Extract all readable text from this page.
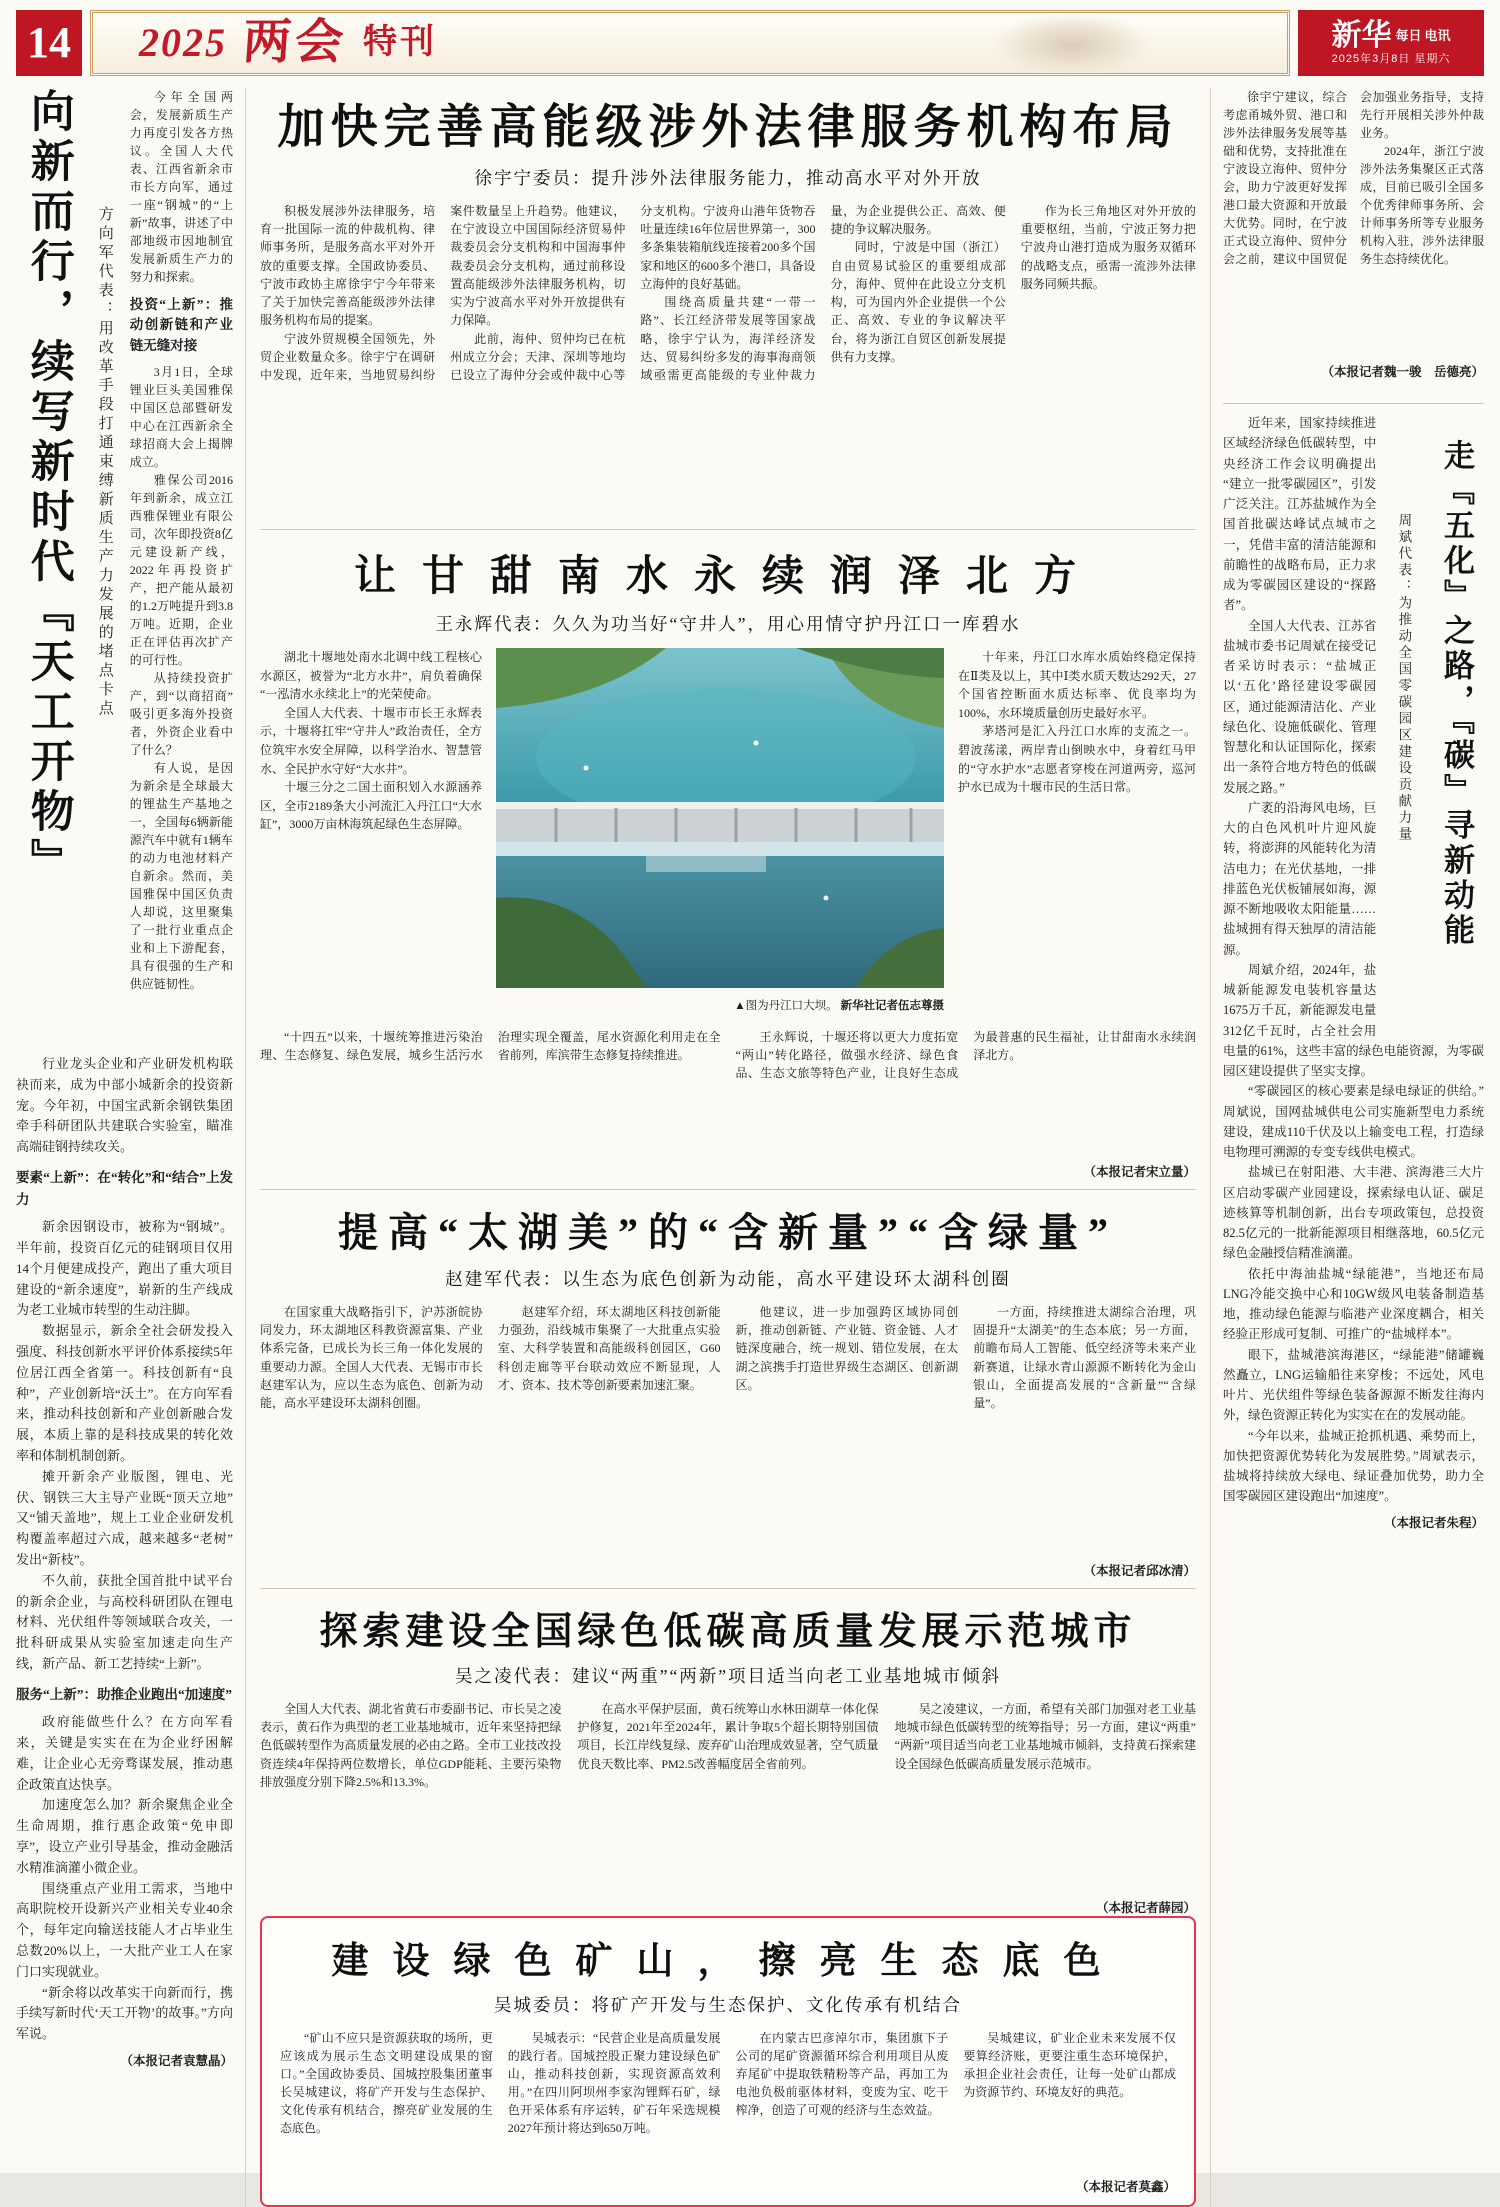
14 2025 两会 特刊	新华 每日 电讯
2025年3月8日 星期六
向新而行，续写新时代『天工开物』	方向军代表：用改革手段打通束缚新质生产力发展的堵点卡点

今年全国两会，发展新质生产力再度引发各方热议。全国人大代表、江西省新余市市长方向军，通过一座“钢城”的“上新”故事，讲述了中部地级市因地制宜发展新质生产力的努力和探索。

投资“上新”：推动创新链和产业链无缝对接

3月1日，全球锂业巨头美国雅保中国区总部暨研发中心在江西新余全球招商大会上揭牌成立。

雅保公司2016年到新余，成立江西雅保锂业有限公司，次年即投资8亿元建设新产线，2022年再投资扩产，把产能从最初的1.2万吨提升到3.8万吨。近期，企业正在评估再次扩产的可行性。

从持续投资扩产，到“以商招商”吸引更多海外投资者，外资企业看中了什么？

有人说，是因为新余是全球最大的锂盐生产基地之一，全国每6辆新能源汽车中就有1辆车的动力电池材料产自新余。然而，美国雅保中国区负责人却说，这里聚集了一批行业重点企业和上下游配套，具有很强的生产和供应链韧性。

行业龙头企业和产业研发机构联袂而来，成为中部小城新余的投资新宠。今年初，中国宝武新余钢铁集团牵手科研团队共建联合实验室，瞄准高端硅钢持续攻关。

要素“上新”：在“转化”和“结合”上发力

新余因钢设市，被称为“钢城”。半年前，投资百亿元的硅钢项目仅用14个月便建成投产，跑出了重大项目建设的“新余速度”，崭新的生产线成为老工业城市转型的生动注脚。

数据显示，新余全社会研发投入强度、科技创新水平评价体系接续5年位居江西全省第一。科技创新有“良种”，产业创新培“沃土”。在方向军看来，推动科技创新和产业创新融合发展，本质上靠的是科技成果的转化效率和体制机制创新。

摊开新余产业版图，锂电、光伏、钢铁三大主导产业既“顶天立地”又“铺天盖地”，规上工业企业研发机构覆盖率超过六成，越来越多“老树”发出“新枝”。

不久前，获批全国首批中试平台的新余企业，与高校科研团队在锂电材料、光伏组件等领域联合攻关，一批科研成果从实验室加速走向生产线，新产品、新工艺持续“上新”。

服务“上新”：助推企业跑出“加速度”

政府能做些什么？在方向军看来，关键是实实在在为企业纾困解难，让企业心无旁骛谋发展，推动惠企政策直达快享。

加速度怎么加？新余聚焦企业全生命周期，推行惠企政策“免申即享”，设立产业引导基金，推动金融活水精准滴灌小微企业。

围绕重点产业用工需求，当地中高职院校开设新兴产业相关专业40余个，每年定向输送技能人才占毕业生总数20%以上，一大批产业工人在家门口实现就业。

“新余将以改革实干向新而行，携手续写新时代‘天工开物’的故事。”方向军说。

（本报记者袁慧晶）
加快完善高能级涉外法律服务机构布局
徐宇宁委员：提升涉外法律服务能力，推动高水平对外开放

积极发展涉外法律服务，培育一批国际一流的仲裁机构、律师事务所，是服务高水平对外开放的重要支撑。全国政协委员、宁波市政协主席徐宇宁今年带来了关于加快完善高能级涉外法律服务机构布局的提案。

宁波外贸规模全国领先，外贸企业数量众多。徐宇宁在调研中发现，近年来，当地贸易纠纷案件数量呈上升趋势。他建议，在宁波设立中国国际经济贸易仲裁委员会分支机构和中国海事仲裁委员会分支机构，通过前移设置高能级涉外法律服务机构，切实为宁波高水平对外开放提供有力保障。

此前，海仲、贸仲均已在杭州成立分会；天津、深圳等地均已设立了海仲分会或仲裁中心等分支机构。宁波舟山港年货物吞吐量连续16年位居世界第一，300多条集装箱航线连接着200多个国家和地区的600多个港口，具备设立海仲的良好基础。

围绕高质量共建“一带一路”、长江经济带发展等国家战略，徐宇宁认为，海洋经济发达、贸易纠纷多发的海事海商领域亟需更高能级的专业仲裁力量，为企业提供公正、高效、便捷的争议解决服务。

同时，宁波是中国（浙江）自由贸易试验区的重要组成部分，海仲、贸仲在此设立分支机构，可为国内外企业提供一个公正、高效、专业的争议解决平台，将为浙江自贸区创新发展提供有力支撑。

作为长三角地区对外开放的重要枢纽，当前，宁波正努力把宁波舟山港打造成为服务双循环的战略支点，亟需一流涉外法律服务同频共振。

让甘甜南水永续润泽北方
王永辉代表：久久为功当好“守井人”，用心用情守护丹江口一库碧水

湖北十堰地处南水北调中线工程核心水源区，被誉为“北方水井”，肩负着确保“一泓清水永续北上”的光荣使命。

全国人大代表、十堰市市长王永辉表示，十堰将扛牢“守井人”政治责任，全方位筑牢水安全屏障，以科学治水、智慧管水、全民护水守好“大水井”。

十堰三分之二国土面积划入水源涵养区，全市2189条大小河流汇入丹江口“大水缸”，3000万亩林海筑起绿色生态屏障。

▲图为丹江口大坝。 新华社记者伍志尊摄

十年来，丹江口水库水质始终稳定保持在Ⅱ类及以上，其中Ⅰ类水质天数达292天，27个国省控断面水质达标率、优良率均为100%，水环境质量创历史最好水平。

茅塔河是汇入丹江口水库的支流之一。碧波荡漾，两岸青山倒映水中，身着红马甲的“守水护水”志愿者穿梭在河道两旁，巡河护水已成为十堰市民的生活日常。

“十四五”以来，十堰统筹推进污染治理、生态修复、绿色发展，城乡生活污水治理实现全覆盖，尾水资源化利用走在全省前列，库滨带生态修复持续推进。

王永辉说，十堰还将以更大力度拓宽“两山”转化路径，做强水经济、绿色食品、生态文旅等特色产业，让良好生态成为最普惠的民生福祉，让甘甜南水永续润泽北方。

（本报记者宋立量）
提高“太湖美”的“含新量”“含绿量”
赵建军代表：以生态为底色创新为动能，高水平建设环太湖科创圈

在国家重大战略指引下，沪苏浙皖协同发力，环太湖地区科教资源富集、产业体系完备，已成长为长三角一体化发展的重要动力源。全国人大代表、无锡市市长赵建军认为，应以生态为底色、创新为动能，高水平建设环太湖科创圈。

赵建军介绍，环太湖地区科技创新能力强劲，沿线城市集聚了一大批重点实验室、大科学装置和高能级科创园区，G60科创走廊等平台联动效应不断显现，人才、资本、技术等创新要素加速汇聚。

他建议，进一步加强跨区域协同创新，推动创新链、产业链、资金链、人才链深度融合，统一规划、错位发展，在太湖之滨携手打造世界级生态湖区、创新湖区。

一方面，持续推进太湖综合治理，巩固提升“太湖美”的生态本底；另一方面，前瞻布局人工智能、低空经济等未来产业新赛道，让绿水青山源源不断转化为金山银山，全面提高发展的“含新量”“含绿量”。

（本报记者邱冰清）
探索建设全国绿色低碳高质量发展示范城市
吴之凌代表：建议“两重”“两新”项目适当向老工业基地城市倾斜

全国人大代表、湖北省黄石市委副书记、市长吴之凌表示，黄石作为典型的老工业基地城市，近年来坚持把绿色低碳转型作为高质量发展的必由之路。全市工业技改投资连续4年保持两位数增长，单位GDP能耗、主要污染物排放强度分别下降2.5%和13.3%。

在高水平保护层面，黄石统筹山水林田湖草一体化保护修复，2021年至2024年，累计争取5个超长期特别国债项目，长江岸线复绿、废弃矿山治理成效显著，空气质量优良天数比率、PM2.5改善幅度居全省前列。

吴之凌建议，一方面，希望有关部门加强对老工业基地城市绿色低碳转型的统筹指导；另一方面，建议“两重”“两新”项目适当向老工业基地城市倾斜，支持黄石探索建设全国绿色低碳高质量发展示范城市。

（本报记者薛园）
建设绿色矿山，擦亮生态底色
吴城委员：将矿产开发与生态保护、文化传承有机结合

“矿山不应只是资源获取的场所，更应该成为展示生态文明建设成果的窗口。”全国政协委员、国城控股集团董事长吴城建议，将矿产开发与生态保护、文化传承有机结合，擦亮矿业发展的生态底色。

吴城表示：“民营企业是高质量发展的践行者。国城控股正聚力建设绿色矿山，推动科技创新，实现资源高效利用。”在四川阿坝州李家沟锂辉石矿，绿色开采体系有序运转，矿石年采选规模2027年预计将达到650万吨。

在内蒙古巴彦淖尔市，集团旗下子公司的尾矿资源循环综合利用项目从废弃尾矿中提取铁精粉等产品，再加工为电池负极前驱体材料，变废为宝、吃干榨净，创造了可观的经济与生态效益。

吴城建议，矿业企业未来发展不仅要算经济账，更要注重生态环境保护，承担企业社会责任，让每一处矿山都成为资源节约、环境友好的典范。

（本报记者莫鑫）

徐宇宁建议，综合考虑甬城外贸、港口和涉外法律服务发展等基础和优势，支持批准在宁波设立海仲、贸仲分会，助力宁波更好发挥港口最大资源和开放最大优势。同时，在宁波正式设立海仲、贸仲分会之前，建议中国贸促会加强业务指导，支持先行开展相关涉外仲裁业务。

2024年，浙江宁波涉外法务集聚区正式落成，目前已吸引全国多个优秀律师事务所、会计师事务所等专业服务机构入驻，涉外法律服务生态持续优化。

（本报记者魏一骏　岳德亮）
周斌代表：为推动全国零碳园区建设贡献力量 走『五化』之路，『碳』寻新动能

近年来，国家持续推进区域经济绿色低碳转型，中央经济工作会议明确提出“建立一批零碳园区”，引发广泛关注。江苏盐城作为全国首批碳达峰试点城市之一，凭借丰富的清洁能源和前瞻性的战略布局，正力求成为零碳园区建设的“探路者”。

全国人大代表、江苏省盐城市委书记周斌在接受记者采访时表示：“盐城正以‘五化’路径建设零碳园区，通过能源清洁化、产业绿色化、设施低碳化、管理智慧化和认证国际化，探索出一条符合地方特色的低碳发展之路。”

广袤的沿海风电场，巨大的白色风机叶片迎风旋转，将澎湃的风能转化为清洁电力；在光伏基地，一排排蓝色光伏板铺展如海，源源不断地吸收太阳能量……盐城拥有得天独厚的清洁能源。

周斌介绍，2024年，盐城新能源发电装机容量达1675万千瓦，新能源发电量312亿千瓦时，占全社会用电量的61%，这些丰富的绿色电能资源，为零碳园区建设提供了坚实支撑。

“零碳园区的核心要素是绿电绿证的供给。”周斌说，国网盐城供电公司实施新型电力系统建设，建成110千伏及以上输变电工程，打造绿电物理可溯源的专变专线供电模式。

盐城已在射阳港、大丰港、滨海港三大片区启动零碳产业园建设，探索绿电认证、碳足迹核算等机制创新，出台专项政策包，总投资82.5亿元的一批新能源项目相继落地，60.5亿元绿色金融授信精准滴灌。

依托中海油盐城“绿能港”，当地还布局LNG冷能交换中心和10GW级风电装备制造基地，推动绿色能源与临港产业深度耦合，相关经验正形成可复制、可推广的“盐城样本”。

眼下，盐城港滨海港区，“绿能港”储罐巍然矗立，LNG运输船往来穿梭；不远处，风电叶片、光伏组件等绿色装备源源不断发往海内外，绿色资源正转化为实实在在的发展动能。

“今年以来，盐城正抢抓机遇、乘势而上，加快把资源优势转化为发展胜势。”周斌表示，盐城将持续放大绿电、绿证叠加优势，助力全国零碳园区建设跑出“加速度”。

（本报记者朱程）
